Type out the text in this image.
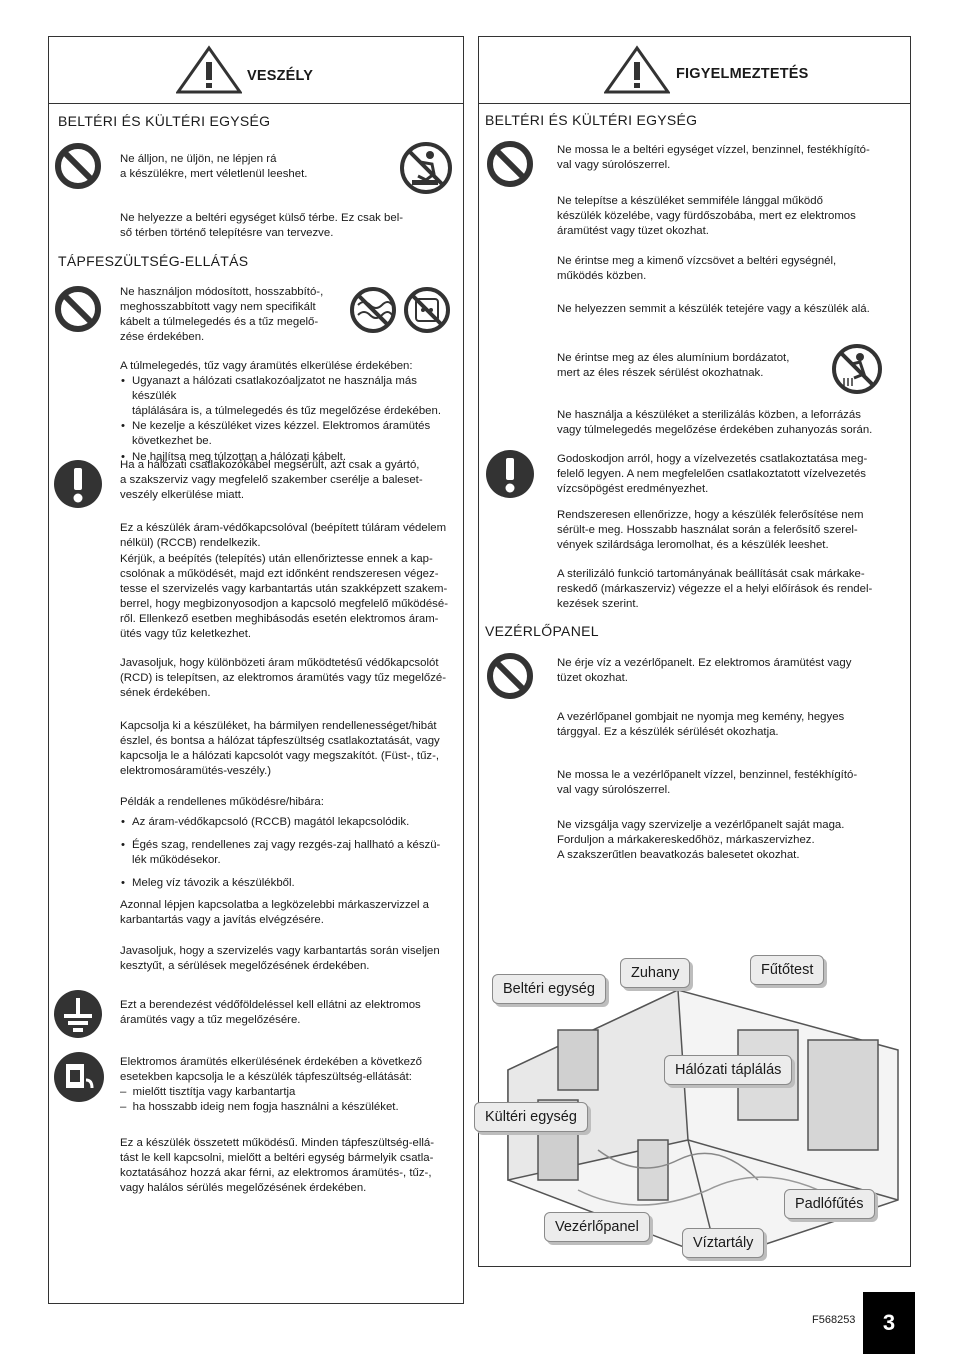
VESZÉLY
BELTÉRI ÉS KÜLTÉRI EGYSÉG
Ne álljon, ne üljön, ne lépjen rá
a készülékre, mert véletlenül leeshet.
Ne helyezze a beltéri egységet külső térbe. Ez csak bel-
ső térben történő telepítésre van tervezve.
TÁPFESZÜLTSÉG-ELLÁTÁS
Ne használjon módosított, hosszabbító-,
meghosszabbított vagy nem specifikált
kábelt a túlmelegedés és a tűz megelő-
zése érdekében.

A túlmelegedés, tűz vagy áramütés elkerülése érdekében:

• Ugyanazt a hálózati csatlakozóaljzatot ne használja más készülék
táplálására is, a túlmelegedés és tűz megelőzése érdekében.
• Ne kezelje a készüléket vizes kézzel. Elektromos áramütés
következhet be.
• Ne hajlítsa meg túlzottan a hálózati kábelt.
Ha a hálózati csatlakozókábel megsérült, azt csak a gyártó,
a szakszerviz vagy megfelelő szakember cserélje a baleset-
veszély elkerülése miatt.
Ez a készülék áram-védőkapcsolóval (beépített túláram védelem
nélkül) (RCCB) rendelkezik.
Kérjük, a beépítés (telepítés) után ellenőriztesse ennek a kap-
csolónak a működését, majd ezt időnként rendszeresen végez-
tesse el szervizelés vagy karbantartás után szakképzett szakem-
berrel, hogy megbizonyosodjon a kapcsoló megfelelő működésé-
ről. Ellenkező esetben meghibásodás esetén elektromos áram-
ütés vagy tűz keletkezhet.
Javasoljuk, hogy különbözeti áram működtetésű védőkapcsolót
(RCD) is telepítsen, az elektromos áramütés vagy tűz megelőzé-
sének érdekében.
Kapcsolja ki a készüléket, ha bármilyen rendellenességet/hibát
észlel, és bontsa a hálózat tápfeszültség csatlakoztatását, vagy
kapcsolja le a hálózati kapcsolót vagy megszakítót. (Füst-, tűz-,
elektromosáramütés-veszély.)
Példák a rendellenes működésre/hibára:
• Az áram-védőkapcsoló (RCCB) magától lekapcsolódik.
• Égés szag, rendellenes zaj vagy rezgés-zaj hallható a készü-
lék működésekor.
• Meleg víz távozik a készülékből.
Azonnal lépjen kapcsolatba a legközelebbi márkaszervizzel a
karbantartás vagy a javítás elvégzésére.
Javasoljuk, hogy a szervizelés vagy karbantartás során viseljen
kesztyűt, a sérülések megelőzésének érdekében.
Ezt a berendezést védőföldeléssel kell ellátni az elektromos
áramütés vagy a tűz megelőzésére.

Elektromos áramütés elkerülésének érdekében a következő
esetekben kapcsolja le a készülék tápfeszültség-ellátását:

–  mielőtt tisztítja vagy karbantartja

–  ha hosszabb ideig nem fogja használni a készüléket.

Ez a készülék összetett működésű. Minden tápfeszültség-ellá-
tást le kell kapcsolni, mielőtt a beltéri egység bármelyik csatla-
koztatásához hozzá akar férni, az elektromos áramütés-, tűz-,
vagy halálos sérülés megelőzésének érdekében.
FIGYELMEZTETÉS
BELTÉRI ÉS KÜLTÉRI EGYSÉG
Ne mossa le a beltéri egységet vízzel, benzinnel, festékhígító-
val vagy súrolószerrel.
Ne telepítse a készüléket semmiféle lánggal működő
készülék közelébe, vagy fürdőszobába, mert ez elektromos
áramütést vagy tüzet okozhat.
Ne érintse meg a kimenő vízcsövet a beltéri egységnél,
működés közben.
Ne helyezzen semmit a készülék tetejére vagy a készülék alá.
Ne érintse meg az éles alumínium bordázatot,
mert az éles részek sérülést okozhatnak.
Ne használja a készüléket a sterilizálás közben, a leforrázás
vagy túlmelegedés megelőzése érdekében zuhanyozás során.
Godoskodjon arról, hogy a vízelvezetés csatlakoztatása meg-
felelő legyen. A nem megfelelően csatlakoztatott vízelvezetés
vízcsöpögést eredményezhet.
Rendszeresen ellenőrizze, hogy a készülék felerősítése nem
sérült-e meg. Hosszabb használat során a felerősítő szerel-
vények szilárdsága leromolhat, és a készülék leeshet.
A sterilizáló funkció tartományának beállítását csak márkake-
reskedő (márkaszerviz) végezze el a helyi előírások és rendel-
kezések szerint.
VEZÉRLŐPANEL
Ne érje víz a vezérlőpanelt. Ez elektromos áramütést vagy
tüzet okozhat.
A vezérlőpanel gombjait ne nyomja meg kemény, hegyes
tárggyal. Ez a készülék sérülését okozhatja.
Ne mossa le a vezérlőpanelt vízzel, benzinnel, festékhígító-
val vagy súrolószerrel.
Ne vizsgálja vagy szervizelje a vezérlőpanelt saját maga.
Forduljon a márkakereskedőhöz, márkaszervizhez.
A szakszerűtlen beavatkozás balesetet okozhat.
Beltéri egység
Zuhany	Fűtőtest
Hálózati táplálás
Kültéri egység
Vezérlőpanel
Víztartály
Padlófűtés
F568253	3
